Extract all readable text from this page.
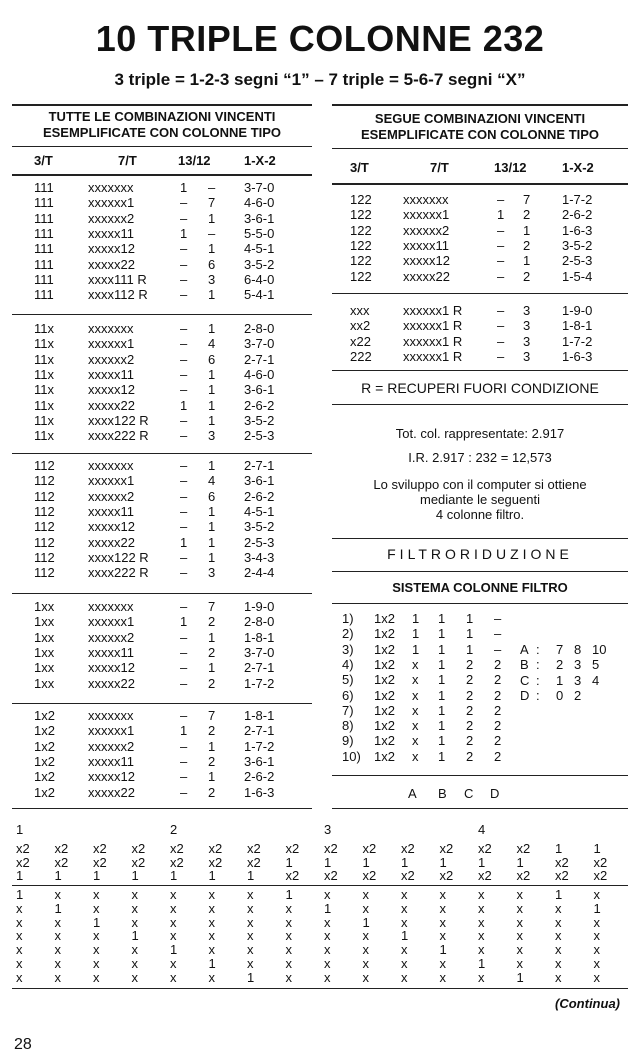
10 TRIPLE COLONNE 232
3 triple = 1-2-3 segni “1” – 7 triple = 5-6-7 segni “X”
(Continua)
28
TUTTE LE COMBINAZIONI VINCENTI
ESEMPLIFICATE CON COLONNE TIPO
3/T	7/T	13/12	1-X-2
111	xxxxxxx	1 – 3-7-0
111	xxxxxx1	– 7 4-6-0
111	xxxxxx2	– 1 3-6-1
111	xxxxx11	1 – 5-5-0
111	xxxxx12	– 1 4-5-1
111	xxxxx22	– 6 3-5-2
111	xxxx111 R	– 3 6-4-0
111	xxxx112 R – 1 5-4-1
11x	xxxxxxx	– 1 2-8-0
11x	xxxxxx1	– 4 3-7-0
11x	xxxxxx2	– 6 2-7-1
11x	xxxxx11	– 1 4-6-0
11x	xxxxx12	– 1 3-6-1
11x	xxxxx22	1 1 2-6-2
11x	xxxx122 R – 1 3-5-2
11x	xxxx222 R – 3 2-5-3
112	xxxxxxx	– 1 2-7-1
112	xxxxxx1	– 4 3-6-1
112	xxxxxx2	– 6 2-6-2
112	xxxxx11	– 1 4-5-1
112	xxxxx12	– 1 3-5-2
112	xxxxx22	1 1 2-5-3
112	xxxx122 R – 1 3-4-3
112	xxxx222 R – 3 2-4-4
1xx	xxxxxxx	– 7 1-9-0
1xx	xxxxxx1	1 2 2-8-0
1xx	xxxxxx2	– 1 1-8-1
1xx	xxxxx11	– 2 3-7-0
1xx	xxxxx12	– 1 2-7-1
1xx	xxxxx22	– 2 1-7-2
1x2	xxxxxxx	– 7 1-8-1
1x2	xxxxxx1	1 2 2-7-1
1x2	xxxxxx2	– 1 1-7-2
1x2	xxxxx11	– 2 3-6-1
1x2	xxxxx12	– 1 2-6-2
1x2	xxxxx22	– 2 1-6-3
SEGUE COMBINAZIONI VINCENTI
ESEMPLIFICATE CON COLONNE TIPO
3/T	7/T	13/12	1-X-2
122 xxxxxxx	– 7 1-7-2
122 xxxxxx1	1 2 2-6-2
122 xxxxxx2	– 1 1-6-3
122 xxxxx11	– 2 3-5-2
122 xxxxx12	– 1 2-5-3
122 xxxxx22	– 2 1-5-4
xxx	xxxxxx1 R	– 3 1-9-0
xx2	xxxxxx1 R	– 3 1-8-1
x22 xxxxxx1 R	– 3 1-7-2
222 xxxxxx1 R	– 3 1-6-3
R = RECUPERI FUORI CONDIZIONE
Tot. col. rappresentate: 2.917
I.R. 2.917 : 232 = 12,573
Lo sviluppo con il computer si ottiene
mediante le seguenti
4 colonne filtro.
FILTRORIDUZIONE
SISTEMA COLONNE FILTRO
1) 1x2 1 1 1 –
2) 1x2 1 1 1 –
3) 1x2 1 1 1 –
4) 1x2 x 1 2 2
5) 1x2 x 1 2 2
6) 1x2 x 1 2 2
7) 1x2 x 1 2 2
8) 1x2 x 1 2 2
9) 1x2 x 1 2 2
10) 1x2 x 1 2 2
A : 7 8 10
B : 2 3 5
C : 1 3 4
D : 0 2
A B C D
1	2	3	4
x2 x2 x2 x2 x2 x2 x2 x2 x2 x2 x2 x2 x2 x2 1 1
x2 x2 x2 x2 x2 x2 x2 1 1 1 1 1 1 1 x2 x2
1 1 1 1 1 1 1 x2 x2 x2 x2 x2 x2 x2 x2 x2
1 x x x x x x 1 x x x x x x 1 x
x 1 x x x x x x 1 x x x x x x 1
x x 1 x x x x x x 1 x x x x x x
x x x 1 x x x x x x 1 x x x x x
x x x x 1 x x x x x x 1 x x x x
x x x x x 1 x x x x x x 1 x x x
x x x x x x 1 x x x x x x 1 x x
